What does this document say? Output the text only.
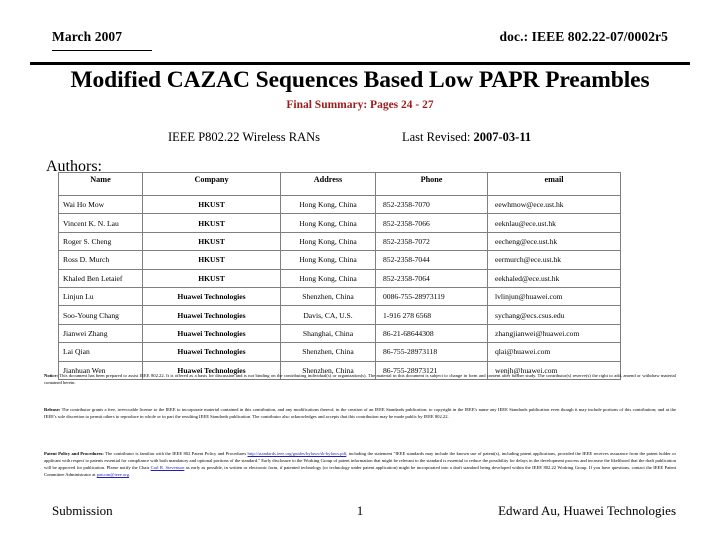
March 2007	doc.: IEEE 802.22-07/0002r5
Modified CAZAC Sequences Based Low PAPR Preambles
Final Summary: Pages 24 - 27
IEEE P802.22 Wireless RANs	Last Revised: 2007-03-11
Authors:
Name	Company	Address	Phone	email
Wai Ho Mow	HKUST	Hong Kong, China	852-2358-7070	eewhmow@ece.ust.hk
Vincent K. N. Lau	HKUST	Hong Kong, China	852-2358-7066	eeknlau@ece.ust.hk
Roger S. Cheng	HKUST	Hong Kong, China	852-2358-7072	eecheng@ece.ust.hk
Ross D. Murch	HKUST	Hong Kong, China	852-2358-7044	eermurch@ece.ust.hk
Khaled Ben Letaief	HKUST	Hong Kong, China	852-2358-7064	eekhaled@ece.ust.hk
Linjun Lu	Huawei Technologies	Shenzhen, China	0086-755-28973119	lvlinjun@huawei.com
Soo-Young Chang	Huawei Technologies	Davis, CA, U.S.	1-916 278 6568	sychang@ecs.csus.edu
Jianwei Zhang	Huawei Technologies	Shanghai, China	86-21-68644308	zhangjianwei@huawei.com
Lai Qian	Huawei Technologies	Shenzhen, China	86-755-28973118	qlai@huawei.com
Jianhuan Wen	Huawei Technologies	Shenzhen, China	86-755-28973121	wenjh@huawei.com
Notice: This document has been prepared to assist IEEE 802.22. It is offered as a basis for discussion and is not binding on the contributing individual(s) or organization(s). The material in this document is subject to change in form and content after further study. The contributor(s) reserve(s) the right to add, amend or withdraw material contained herein.
Release: The contributor grants a free, irrevocable license to the IEEE to incorporate material contained in this contribution, and any modifications thereof, in the creation of an IEEE Standards publication; to copyright in the IEEE's name any IEEE Standards publication even though it may include portions of this contribution; and at the IEEE's sole discretion to permit others to reproduce in whole or in part the resulting IEEE Standards publication. The contributor also acknowledges and accepts that this contribution may be made public by IEEE 802.22.
Patent Policy and Procedures: The contributor is familiar with the IEEE 802 Patent Policy and Procedures http://standards.ieee.org/guides/bylaws/sb-bylaws.pdf, including the statement "IEEE standards may include the known use of patent(s), including patent applications, provided the IEEE receives assurance from the patent holder or applicant with respect to patents essential for compliance with both mandatory and optional portions of the standard." Early disclosure to the Working Group of patent information that might be relevant to the standard is essential to reduce the possibility for delays in the development process and increase the likelihood that the draft publication will be approved for publication. Please notify the Chair Carl R. Stevenson as early as possible, in written or electronic form, if patented technology (or technology under patent application) might be incorporated into a draft standard being developed within the IEEE 802.22 Working Group. If you have questions, contact the IEEE Patent Committee Administrator at patcom@ieee.org.
Submission	1	Edward Au, Huawei Technologies
